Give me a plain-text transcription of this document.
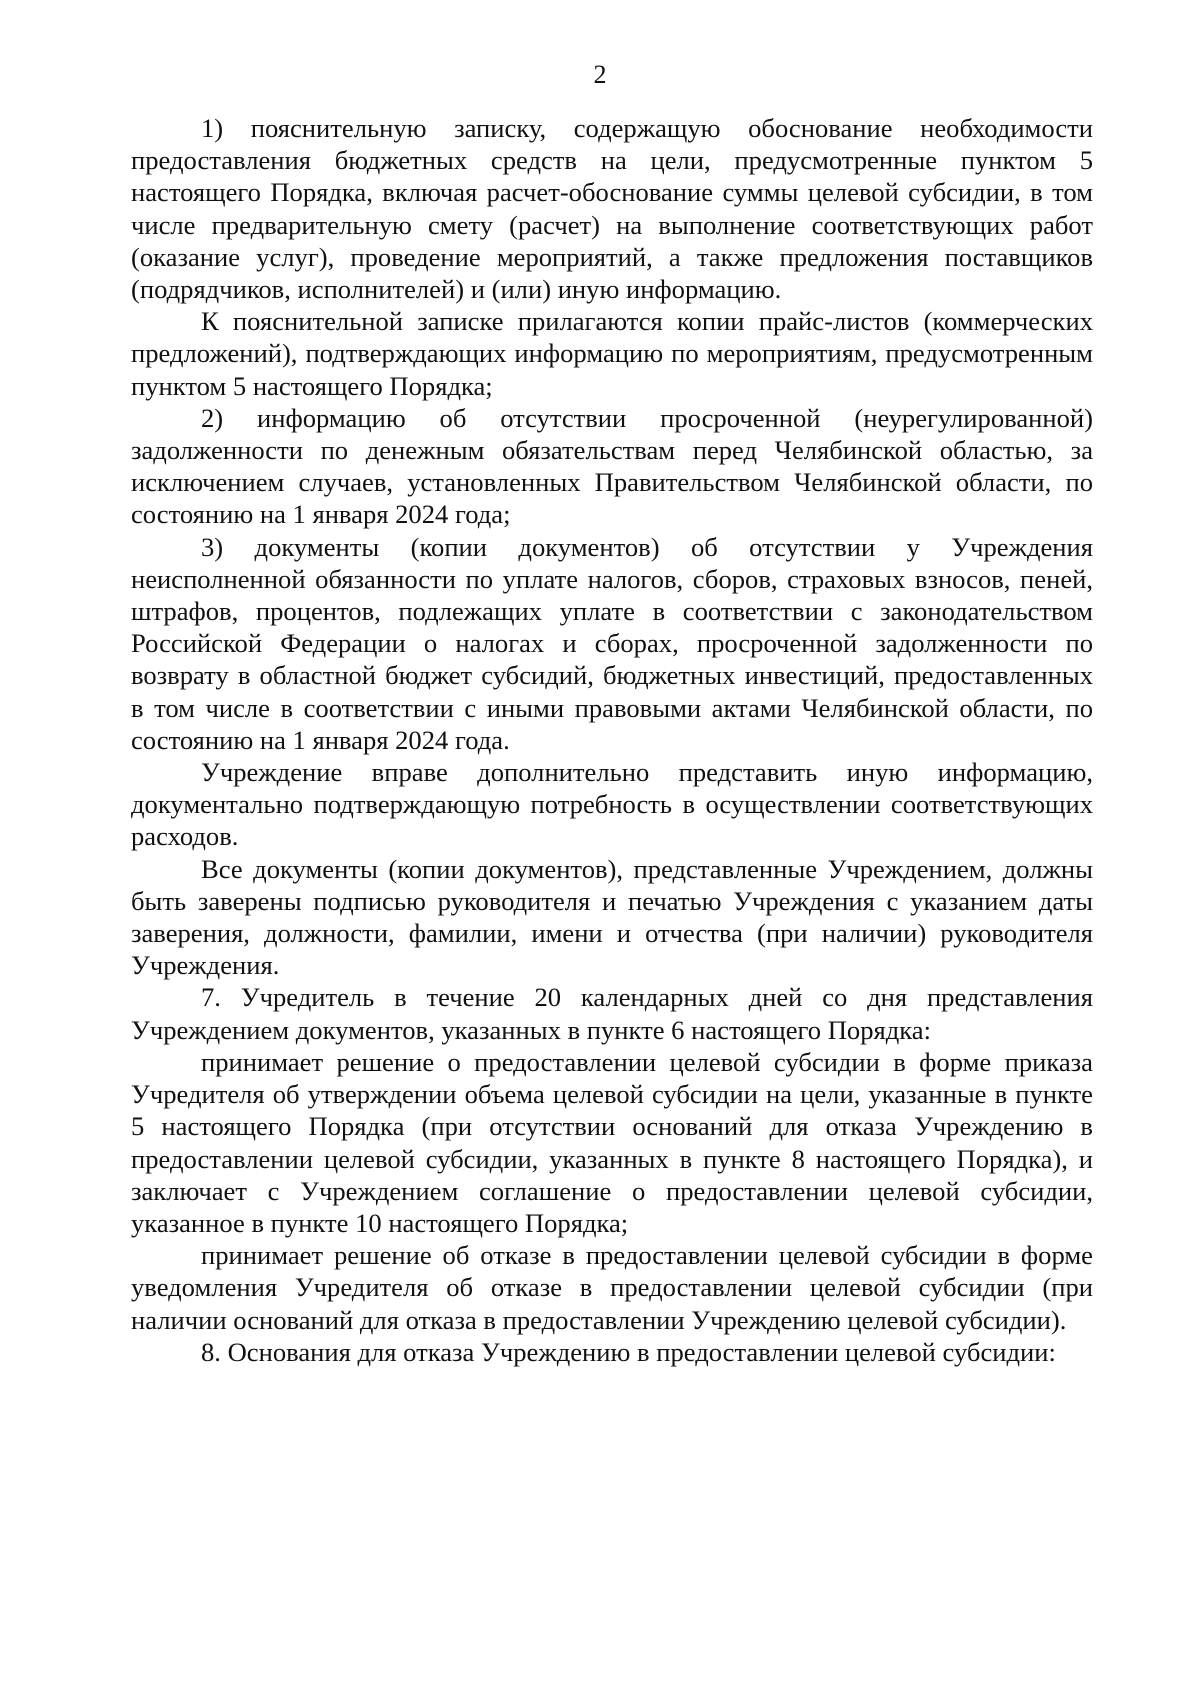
2

1) пояснительную записку, содержащую обоснование необходимости предоставления бюджетных средств на цели, предусмотренные пунктом 5 настоящего Порядка, включая расчет-обоснование суммы целевой субсидии, в том числе предварительную смету (расчет) на выполнение соответствующих работ (оказание услуг), проведение мероприятий, а также предложения поставщиков (подрядчиков, исполнителей) и (или) иную информацию.

К пояснительной записке прилагаются копии прайс-листов (коммерческих предложений), подтверждающих информацию по мероприятиям, предусмотренным пунктом 5 настоящего Порядка;

2) информацию об отсутствии просроченной (неурегулированной) задолженности по денежным обязательствам перед Челябинской областью, за исключением случаев, установленных Правительством Челябинской области, по состоянию на 1 января 2024 года;

3) документы (копии документов) об отсутствии у Учреждения неисполненной обязанности по уплате налогов, сборов, страховых взносов, пеней, штрафов, процентов, подлежащих уплате в соответствии с законодательством Российской Федерации о налогах и сборах, просроченной задолженности по возврату в областной бюджет субсидий, бюджетных инвестиций, предоставленных в том числе в соответствии с иными правовыми актами Челябинской области, по состоянию на 1 января 2024 года.

Учреждение вправе дополнительно представить иную информацию, документально подтверждающую потребность в осуществлении соответствующих расходов.

Все документы (копии документов), представленные Учреждением, должны быть заверены подписью руководителя и печатью Учреждения с указанием даты заверения, должности, фамилии, имени и отчества (при наличии) руководителя Учреждения.

7. Учредитель в течение 20 календарных дней со дня представления Учреждением документов, указанных в пункте 6 настоящего Порядка:

принимает решение о предоставлении целевой субсидии в форме приказа Учредителя об утверждении объема целевой субсидии на цели, указанные в пункте 5 настоящего Порядка (при отсутствии оснований для отказа Учреждению в предоставлении целевой субсидии, указанных в пункте 8 настоящего Порядка), и заключает с Учреждением соглашение о предоставлении целевой субсидии, указанное в пункте 10 настоящего Порядка;

принимает решение об отказе в предоставлении целевой субсидии в форме уведомления Учредителя об отказе в предоставлении целевой субсидии (при наличии оснований для отказа в предоставлении Учреждению целевой субсидии).

8. Основания для отказа Учреждению в предоставлении целевой субсидии:
